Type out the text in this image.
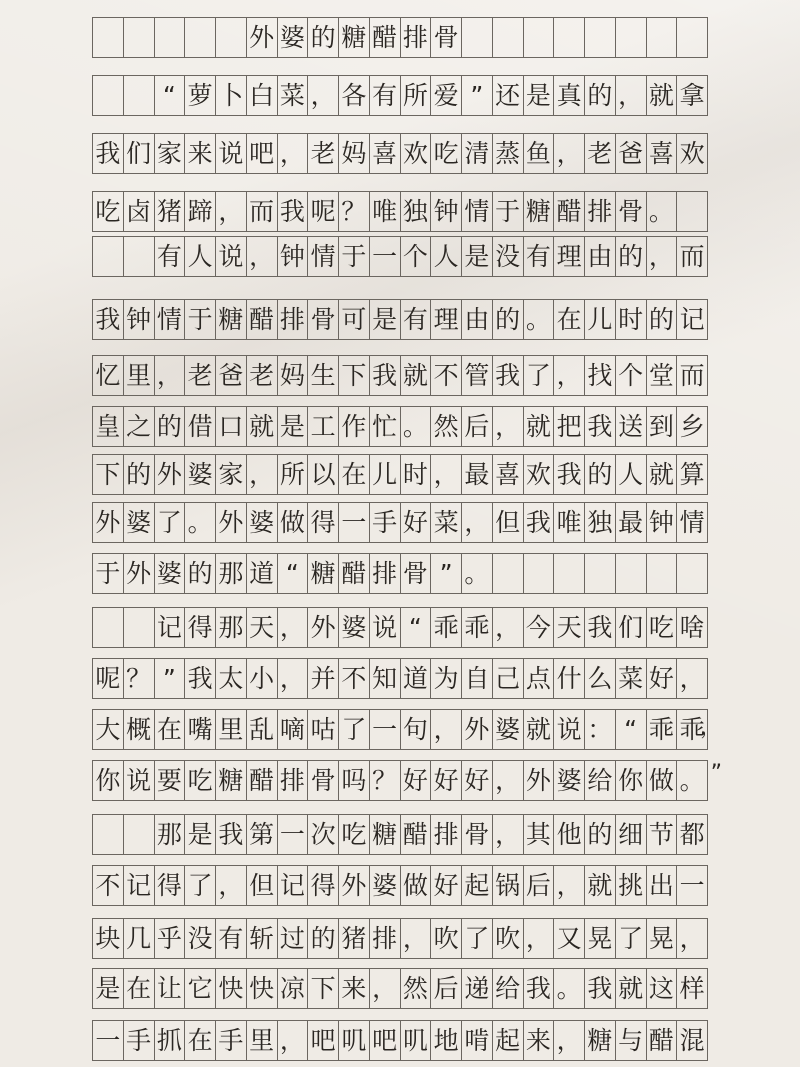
外 婆 的 糖 醋 排 骨
“ 萝 卜 白 菜 ， 各 有 所 爱 ” 还 是 真 的 ， 就 拿
我 们 家 来 说 吧 ， 老 妈 喜 欢 吃 清 蒸 鱼 ， 老 爸 喜 欢
吃 卤 猪 蹄 ， 而 我 呢 ？ 唯 独 钟 情 于 糖 醋 排 骨 。
有 人 说 ， 钟 情 于 一 个 人 是 没 有 理 由 的 ， 而
我 钟 情 于 糖 醋 排 骨 可 是 有 理 由 的 。 在 儿 时 的 记
忆 里 ， 老 爸 老 妈 生 下 我 就 不 管 我 了 ， 找 个 堂 而
皇 之 的 借 口 就 是 工 作 忙 。 然 后 ， 就 把 我 送 到 乡
下 的 外 婆 家 ， 所 以 在 儿 时 ， 最 喜 欢 我 的 人 就 算
外 婆 了 。 外 婆 做 得 一 手 好 菜 ， 但 我 唯 独 最 钟 情
于 外 婆 的 那 道 “ 糖 醋 排 骨 ” 。
记 得 那 天 ， 外 婆 说 “ 乖 乖 ， 今 天 我 们 吃 啥
呢 ？ ” 我 太 小 ， 并 不 知 道 为 自 己 点 什 么 菜 好 ，
大 概 在 嘴 里 乱 嘀 咕 了 一 句 ， 外 婆 就 说 ： “ 乖 乖
，
你 说 要 吃 糖 醋 排 骨 吗 ？ 好 好 好 ， 外 婆 给 你 做 。 ”
那 是 我 第 一 次 吃 糖 醋 排 骨 ， 其 他 的 细 节 都
不 记 得 了 ， 但 记 得 外 婆 做 好 起 锅 后 ， 就 挑 出 一
块 几 乎 没 有 斩 过 的 猪 排 ， 吹 了 吹 ， 又 晃 了 晃 ，
是 在 让 它 快 快 凉 下 来 ， 然 后 递 给 我 。 我 就 这 样
一 手 抓 在 手 里 ， 吧 叽 吧 叽 地 啃 起 来 ， 糖 与 醋 混
